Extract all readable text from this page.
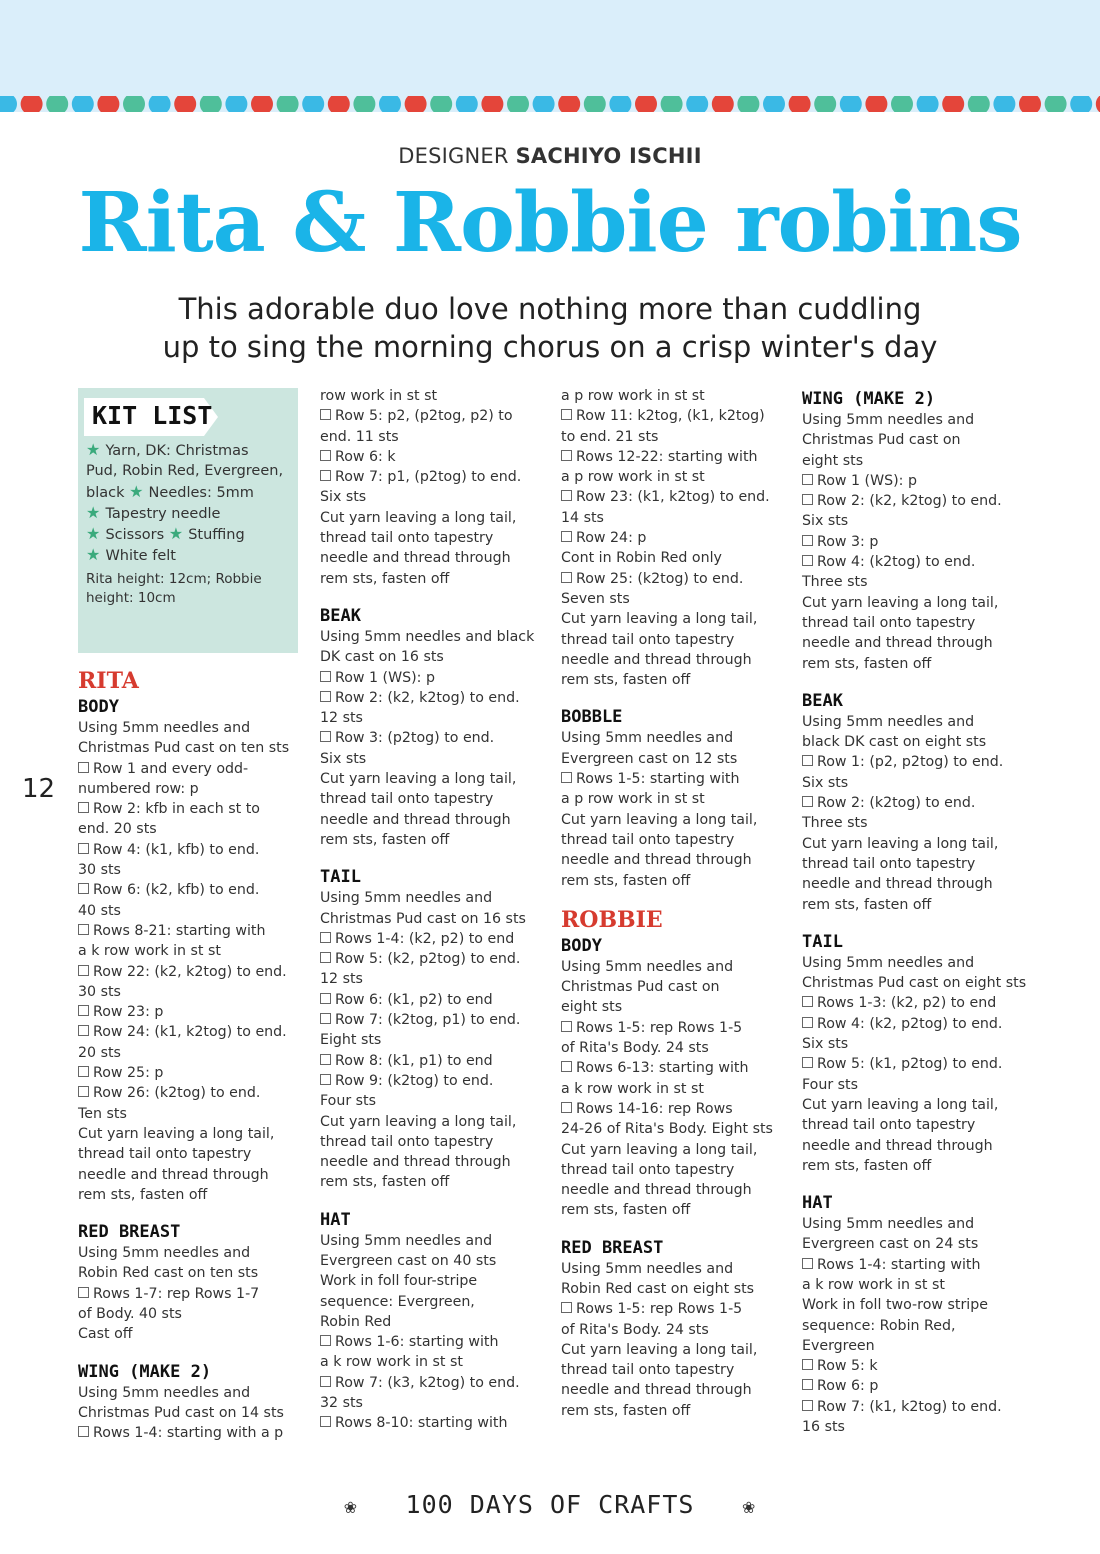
DESIGNER SACHIYO ISCHII
Rita & Robbie robins
This adorable duo love nothing more than cuddling
up to sing the morning chorus on a crisp winter's day
12
KIT LIST
★ Yarn, DK: Christmas
Pud, Robin Red, Evergreen,
black ★ Needles: 5mm
★ Tapestry needle
★ Scissors ★ Stuffing
★ White felt
Rita height: 12cm; Robbie
height: 10cm
RITA
BODY
Using 5mm needles and
Christmas Pud cast on ten sts
Row 1 and every odd-
numbered row: p
Row 2: kfb in each st to
end. 20 sts
Row 4: (k1, kfb) to end.
30 sts
Row 6: (k2, kfb) to end.
40 sts
Rows 8-21: starting with
a k row work in st st
Row 22: (k2, k2tog) to end.
30 sts
Row 23: p
Row 24: (k1, k2tog) to end.
20 sts
Row 25: p
Row 26: (k2tog) to end.
Ten sts
Cut yarn leaving a long tail,
thread tail onto tapestry
needle and thread through
rem sts, fasten off
RED BREAST
Using 5mm needles and
Robin Red cast on ten sts
Rows 1-7: rep Rows 1-7
of Body. 40 sts
Cast off
WING (MAKE 2)
Using 5mm needles and
Christmas Pud cast on 14 sts
Rows 1-4: starting with a p
row work in st st
Row 5: p2, (p2tog, p2) to
end. 11 sts
Row 6: k
Row 7: p1, (p2tog) to end.
Six sts
Cut yarn leaving a long tail,
thread tail onto tapestry
needle and thread through
rem sts, fasten off
BEAK
Using 5mm needles and black
DK cast on 16 sts
Row 1 (WS): p
Row 2: (k2, k2tog) to end.
12 sts
Row 3: (p2tog) to end.
Six sts
Cut yarn leaving a long tail,
thread tail onto tapestry
needle and thread through
rem sts, fasten off
TAIL
Using 5mm needles and
Christmas Pud cast on 16 sts
Rows 1-4: (k2, p2) to end
Row 5: (k2, p2tog) to end.
12 sts
Row 6: (k1, p2) to end
Row 7: (k2tog, p1) to end.
Eight sts
Row 8: (k1, p1) to end
Row 9: (k2tog) to end.
Four sts
Cut yarn leaving a long tail,
thread tail onto tapestry
needle and thread through
rem sts, fasten off
HAT
Using 5mm needles and
Evergreen cast on 40 sts
Work in foll four-stripe
sequence: Evergreen,
Robin Red
Rows 1-6: starting with
a k row work in st st
Row 7: (k3, k2tog) to end.
32 sts
Rows 8-10: starting with
a p row work in st st
Row 11: k2tog, (k1, k2tog)
to end. 21 sts
Rows 12-22: starting with
a p row work in st st
Row 23: (k1, k2tog) to end.
14 sts
Row 24: p
Cont in Robin Red only
Row 25: (k2tog) to end.
Seven sts
Cut yarn leaving a long tail,
thread tail onto tapestry
needle and thread through
rem sts, fasten off
BOBBLE
Using 5mm needles and
Evergreen cast on 12 sts
Rows 1-5: starting with
a p row work in st st
Cut yarn leaving a long tail,
thread tail onto tapestry
needle and thread through
rem sts, fasten off
ROBBIE
BODY
Using 5mm needles and
Christmas Pud cast on
eight sts
Rows 1-5: rep Rows 1-5
of Rita's Body. 24 sts
Rows 6-13: starting with
a k row work in st st
Rows 14-16: rep Rows
24-26 of Rita's Body. Eight sts
Cut yarn leaving a long tail,
thread tail onto tapestry
needle and thread through
rem sts, fasten off
RED BREAST
Using 5mm needles and
Robin Red cast on eight sts
Rows 1-5: rep Rows 1-5
of Rita's Body. 24 sts
Cut yarn leaving a long tail,
thread tail onto tapestry
needle and thread through
rem sts, fasten off
WING (MAKE 2)
Using 5mm needles and
Christmas Pud cast on
eight sts
Row 1 (WS): p
Row 2: (k2, k2tog) to end.
Six sts
Row 3: p
Row 4: (k2tog) to end.
Three sts
Cut yarn leaving a long tail,
thread tail onto tapestry
needle and thread through
rem sts, fasten off
BEAK
Using 5mm needles and
black DK cast on eight sts
Row 1: (p2, p2tog) to end.
Six sts
Row 2: (k2tog) to end.
Three sts
Cut yarn leaving a long tail,
thread tail onto tapestry
needle and thread through
rem sts, fasten off
TAIL
Using 5mm needles and
Christmas Pud cast on eight sts
Rows 1-3: (k2, p2) to end
Row 4: (k2, p2tog) to end.
Six sts
Row 5: (k1, p2tog) to end.
Four sts
Cut yarn leaving a long tail,
thread tail onto tapestry
needle and thread through
rem sts, fasten off
HAT
Using 5mm needles and
Evergreen cast on 24 sts
Rows 1-4: starting with
a k row work in st st
Work in foll two-row stripe
sequence: Robin Red,
Evergreen
Row 5: k
Row 6: p
Row 7: (k1, k2tog) to end.
16 sts
❀ 100 DAYS OF CRAFTS ❀
